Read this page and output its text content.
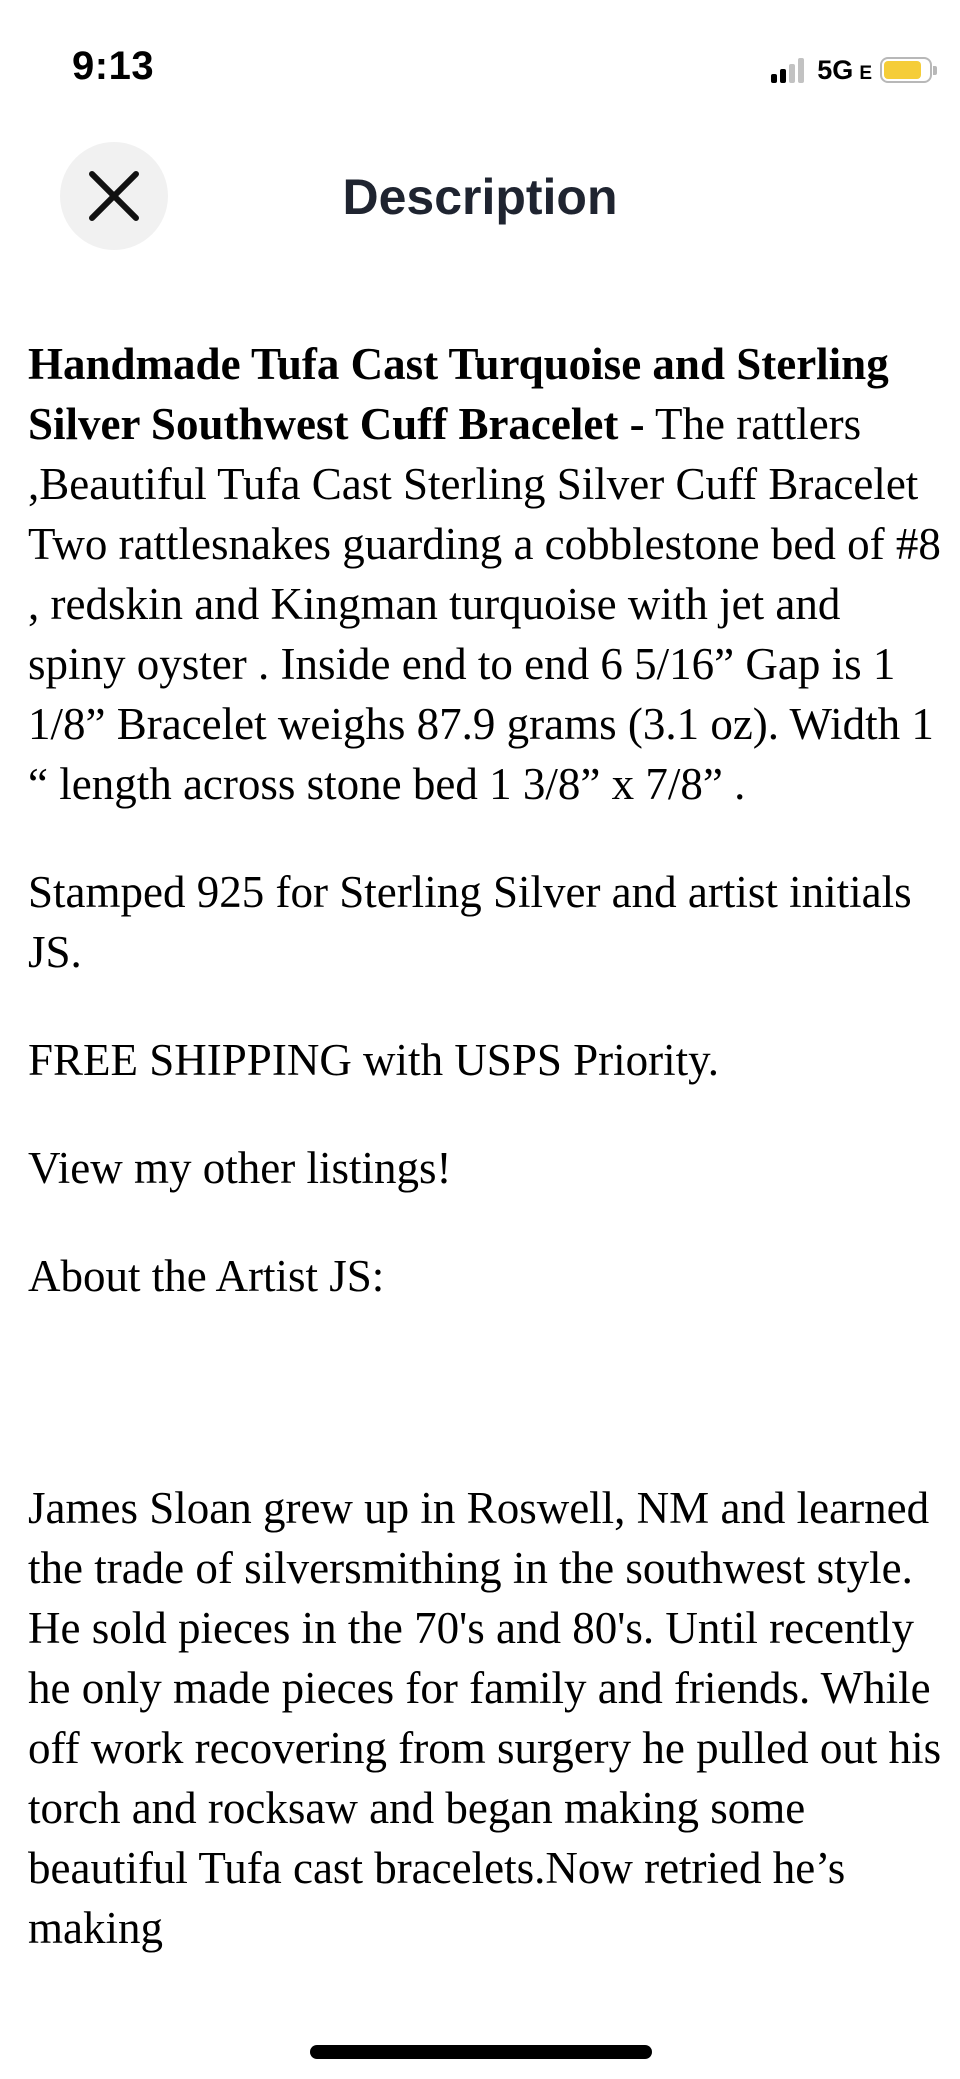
9:13	5G E
Description

Handmade Tufa Cast Turquoise and Sterling Silver Southwest Cuff Bracelet - The rattlers ,Beautiful Tufa Cast Sterling Silver Cuff Bracelet Two rattlesnakes guarding a cobblestone bed of #8 , redskin and Kingman turquoise with jet and spiny oyster . Inside end to end 6 5/16” Gap is 1 1/8” Bracelet weighs 87.9 grams (3.1 oz). Width 1 “ length across stone bed 1 3/8” x 7/8” .

Stamped 925 for Sterling Silver and artist initials JS.

FREE SHIPPING with USPS Priority.

View my other listings!

About the Artist JS:

James Sloan grew up in Roswell, NM and learned the trade of silversmithing in the southwest style. He sold pieces in the 70's and 80's. Until recently he only made pieces for family and friends. While off work recovering from surgery he pulled out his torch and rocksaw and began making some beautiful Tufa cast bracelets.Now retried he’s making
